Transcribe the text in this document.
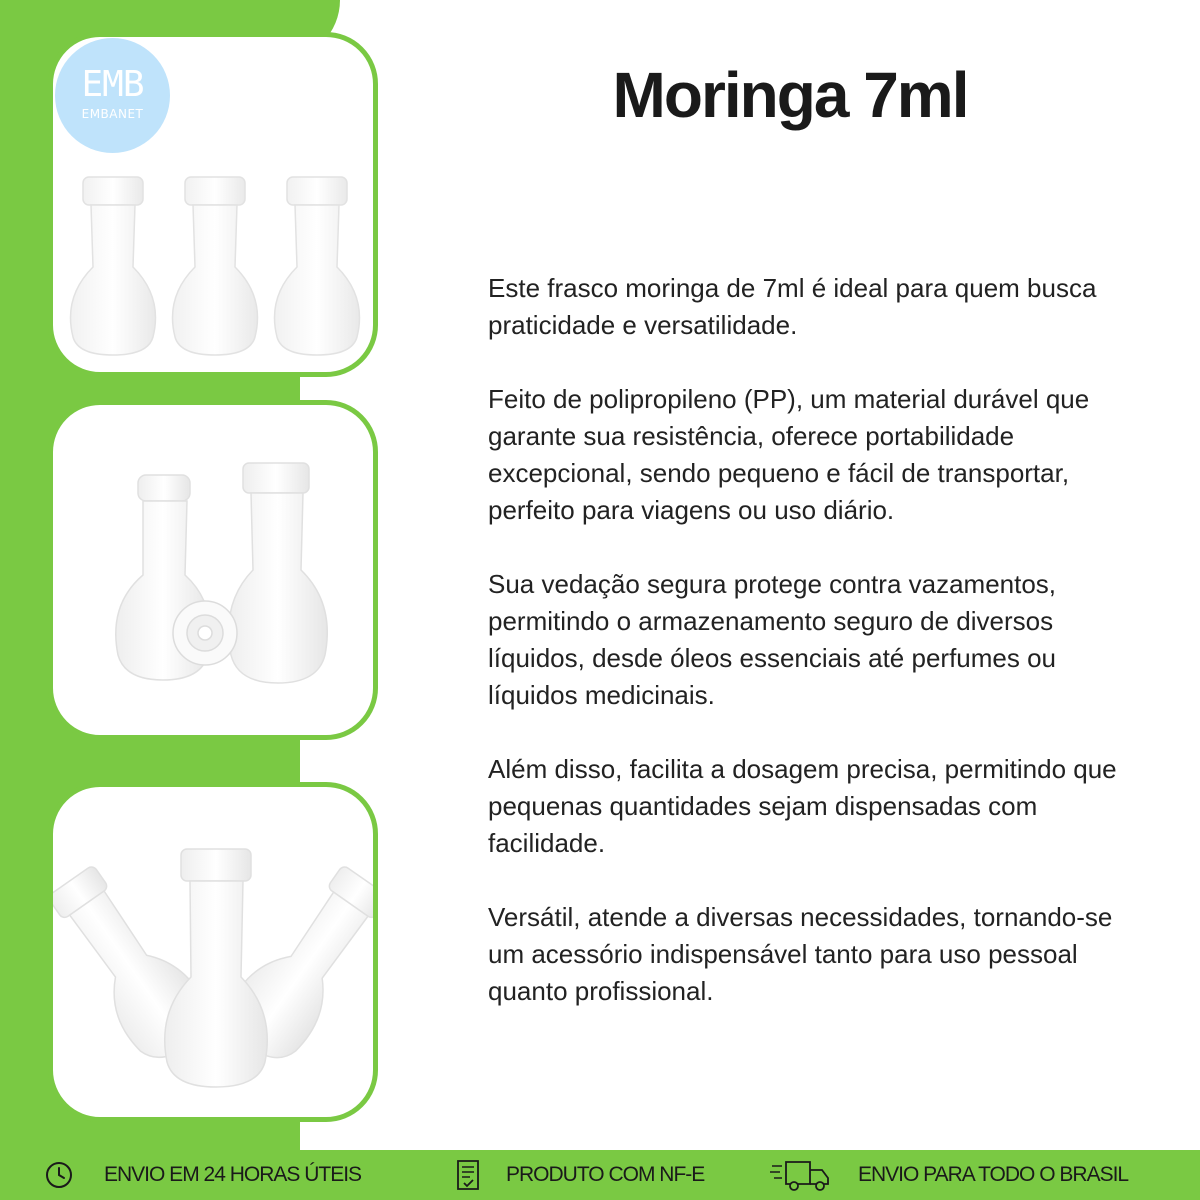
EMB
EMBANET	Moringa 7ml

Este frasco moringa de 7ml é ideal para quem busca praticidade e versatilidade.

Feito de polipropileno (PP), um material durável que garante sua resistência, oferece portabilidade excepcional, sendo pequeno e fácil de transportar, perfeito para viagens ou uso diário.

Sua vedação segura protege contra vazamentos, permitindo o armazenamento seguro de diversos líquidos, desde óleos essenciais até perfumes ou líquidos medicinais.

Além disso, facilita a dosagem precisa, permitindo que pequenas quantidades sejam dispensadas com facilidade.

Versátil, atende a diversas necessidades, tornando-se um acessório indispensável tanto para uso pessoal quanto profissional.

ENVIO EM 24 HORAS ÚTEIS	PRODUTO COM NF-E	ENVIO PARA TODO O BRASIL
